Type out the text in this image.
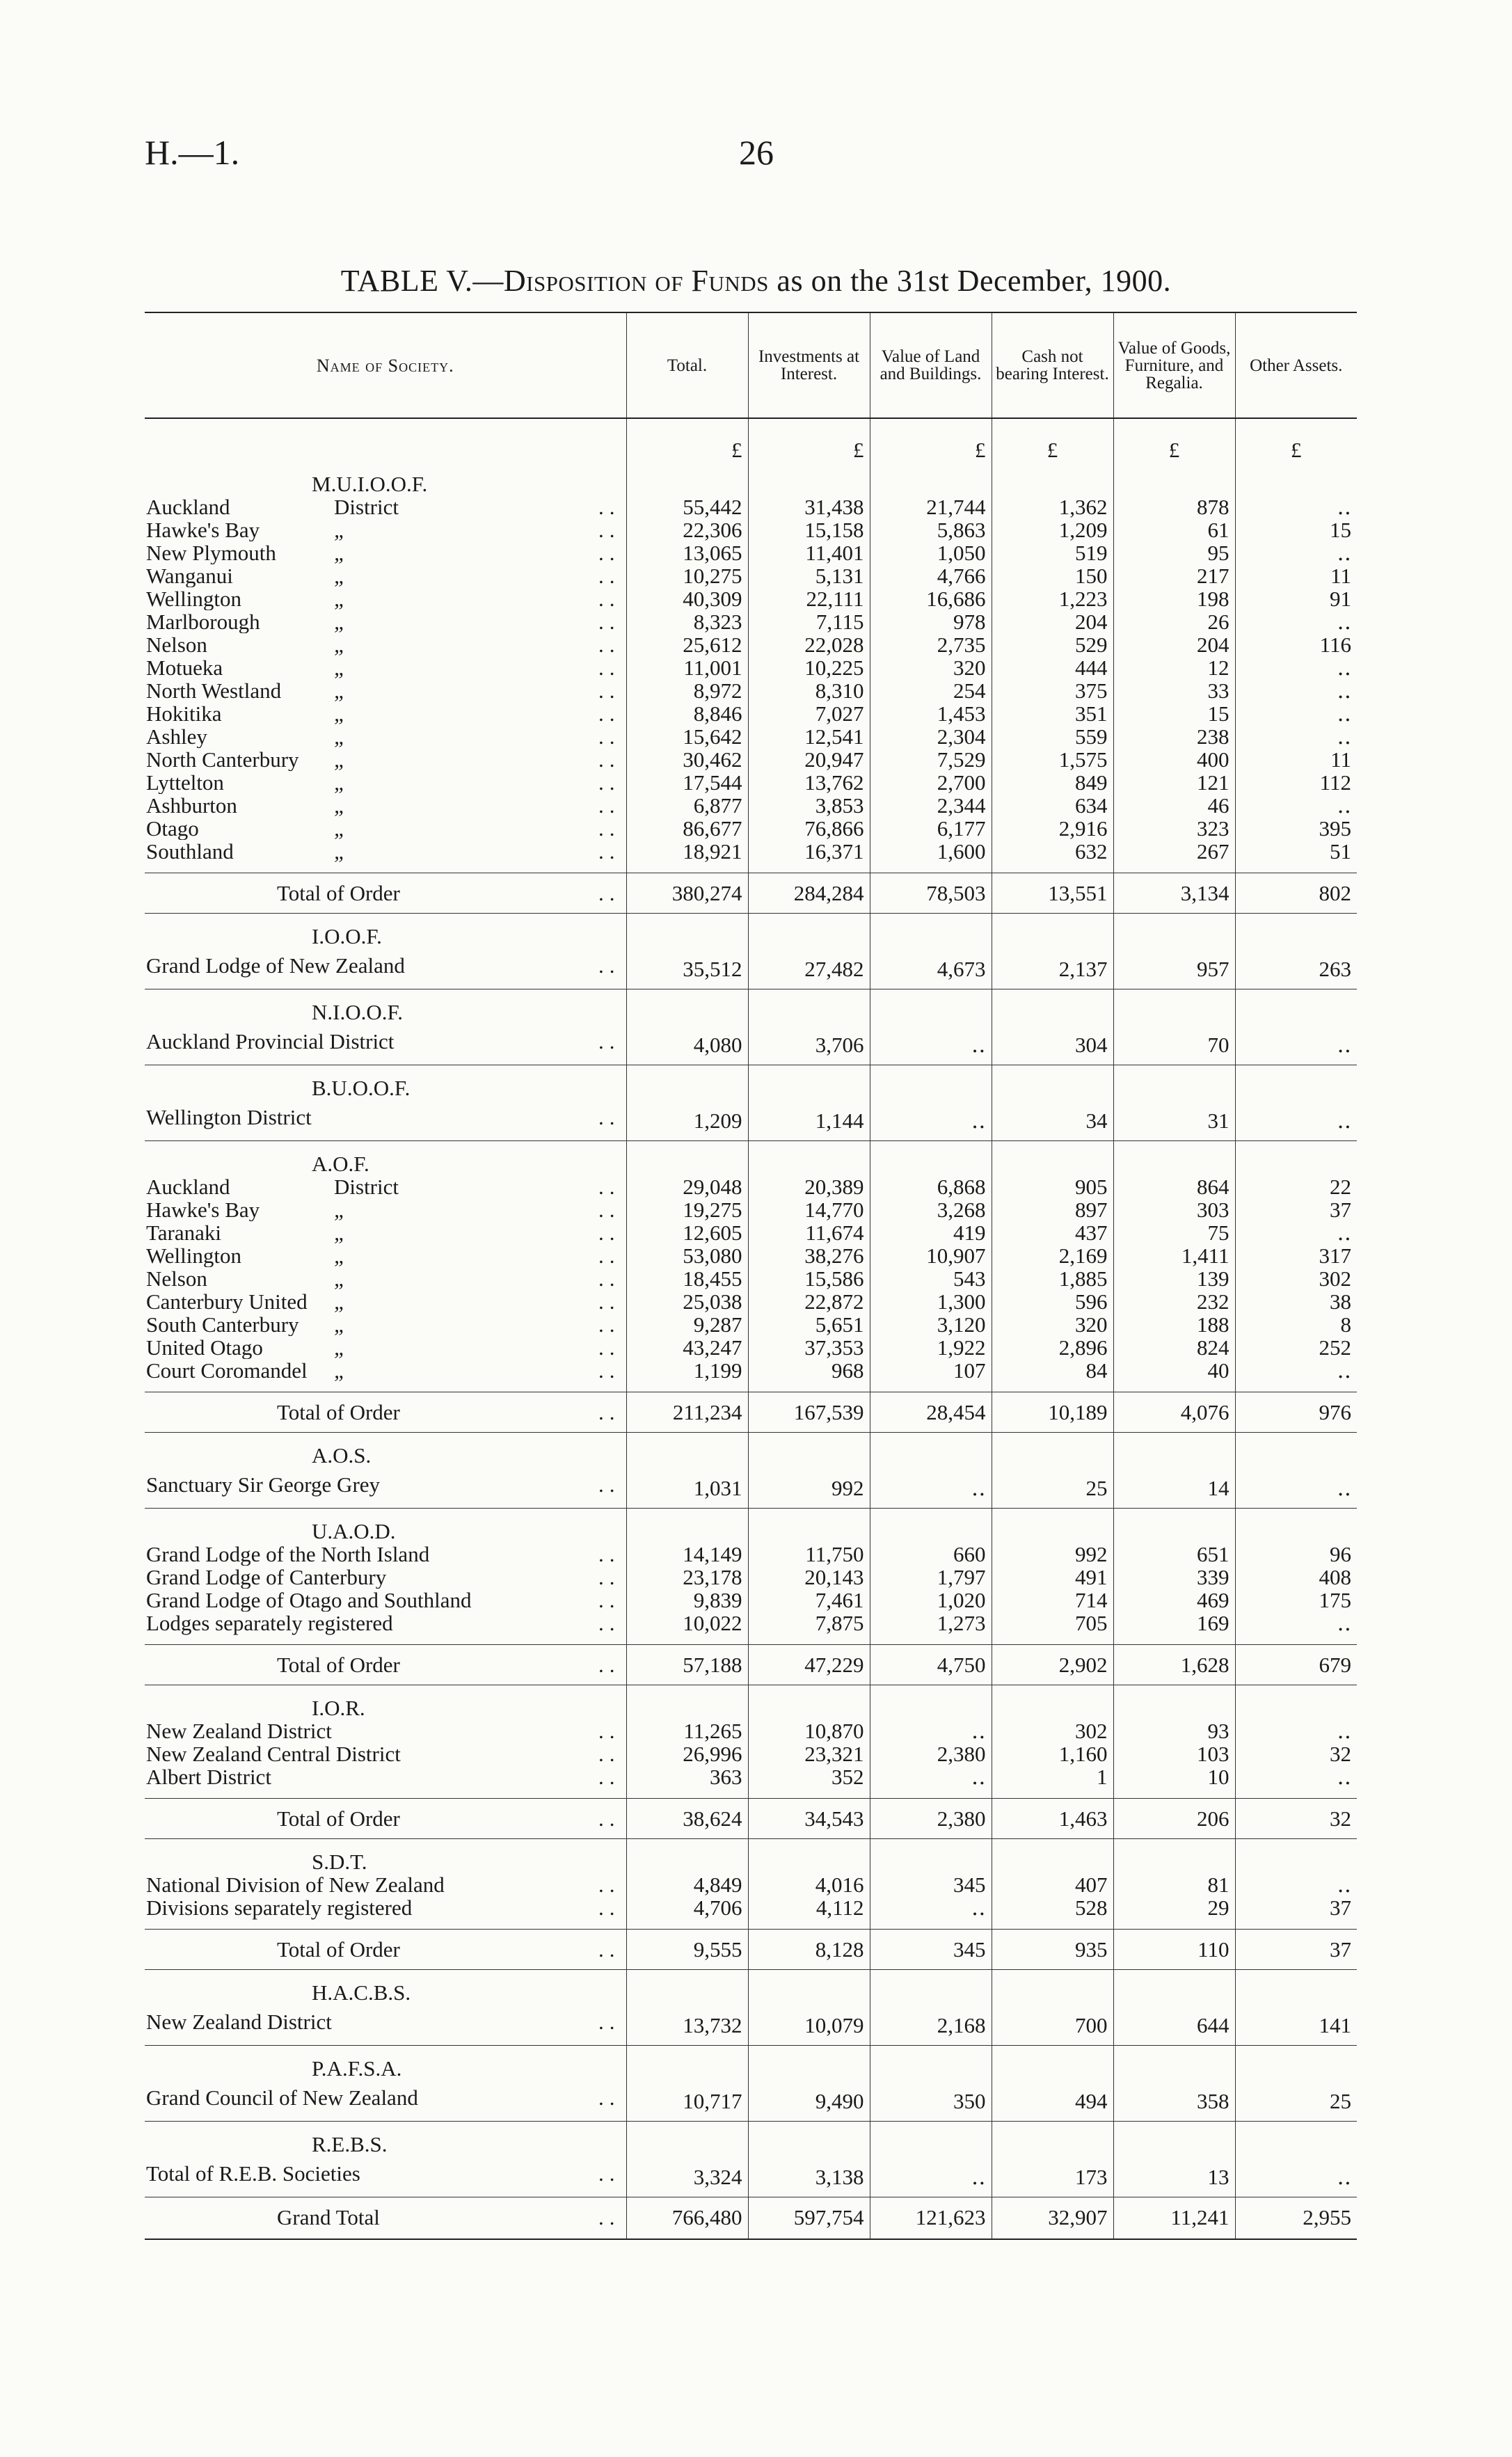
H.—1.	26
TABLE V.—Disposition of Funds as on the 31st December, 1900.
Name of Society.	Total.	Investments at Interest.	Value of Land and Buildings.	Cash not bearing Interest.	Value of Goods, Furniture, and Regalia.	Other Assets.
	£	£	£	£	£	£
M.U.I.O.O.F.						
Auckland District ..	55,442	31,438	21,744	1,362	878	‥
Hawke's Bay „ ..	22,306	15,158	5,863	1,209	61	15
New Plymouth „ ..	13,065	11,401	1,050	519	95	‥
Wanganui „ ..	10,275	5,131	4,766	150	217	11
Wellington „ ..	40,309	22,111	16,686	1,223	198	91
Marlborough „ ..	8,323	7,115	978	204	26	‥
Nelson „ ..	25,612	22,028	2,735	529	204	116
Motueka „ ..	11,001	10,225	320	444	12	‥
North Westland „ ..	8,972	8,310	254	375	33	‥
Hokitika „ ..	8,846	7,027	1,453	351	15	‥
Ashley „ ..	15,642	12,541	2,304	559	238	‥
North Canterbury „ ..	30,462	20,947	7,529	1,575	400	11
Lyttelton „ ..	17,544	13,762	2,700	849	121	112
Ashburton „ ..	6,877	3,853	2,344	634	46	‥
Otago „ ..	86,677	76,866	6,177	2,916	323	395
Southland „ ..	18,921	16,371	1,600	632	267	51
Total of Order ..	380,274	284,284	78,503	13,551	3,134	802
I.O.O.F.						
Grand Lodge of New Zealand ..	35,512	27,482	4,673	2,137	957	263
N.I.O.O.F.						
Auckland Provincial District ..	4,080	3,706	‥	304	70	‥
B.U.O.O.F.						
Wellington District ..	1,209	1,144	‥	34	31	‥
A.O.F.						
Auckland District ..	29,048	20,389	6,868	905	864	22
Hawke's Bay „ ..	19,275	14,770	3,268	897	303	37
Taranaki „ ..	12,605	11,674	419	437	75	‥
Wellington „ ..	53,080	38,276	10,907	2,169	1,411	317
Nelson „ ..	18,455	15,586	543	1,885	139	302
Canterbury United „ ..	25,038	22,872	1,300	596	232	38
South Canterbury „ ..	9,287	5,651	3,120	320	188	8
United Otago „ ..	43,247	37,353	1,922	2,896	824	252
Court Coromandel „ ..	1,199	968	107	84	40	‥
Total of Order ..	211,234	167,539	28,454	10,189	4,076	976
A.O.S.						
Sanctuary Sir George Grey ..	1,031	992	‥	25	14	‥
U.A.O.D.						
Grand Lodge of the North Island ..	14,149	11,750	660	992	651	96
Grand Lodge of Canterbury ..	23,178	20,143	1,797	491	339	408
Grand Lodge of Otago and Southland ..	9,839	7,461	1,020	714	469	175
Lodges separately registered ..	10,022	7,875	1,273	705	169	‥
Total of Order ..	57,188	47,229	4,750	2,902	1,628	679
I.O.R.						
New Zealand District ..	11,265	10,870	‥	302	93	‥
New Zealand Central District ..	26,996	23,321	2,380	1,160	103	32
Albert District ..	363	352	‥	1	10	‥
Total of Order ..	38,624	34,543	2,380	1,463	206	32
S.D.T.						
National Division of New Zealand ..	4,849	4,016	345	407	81	‥
Divisions separately registered ..	4,706	4,112	‥	528	29	37
Total of Order ..	9,555	8,128	345	935	110	37
H.A.C.B.S.						
New Zealand District ..	13,732	10,079	2,168	700	644	141
P.A.F.S.A.						
Grand Council of New Zealand ..	10,717	9,490	350	494	358	25
R.E.B.S.						
Total of R.E.B. Societies ..	3,324	3,138	‥	173	13	‥
Grand Total ..	766,480	597,754	121,623	32,907	11,241	2,955
